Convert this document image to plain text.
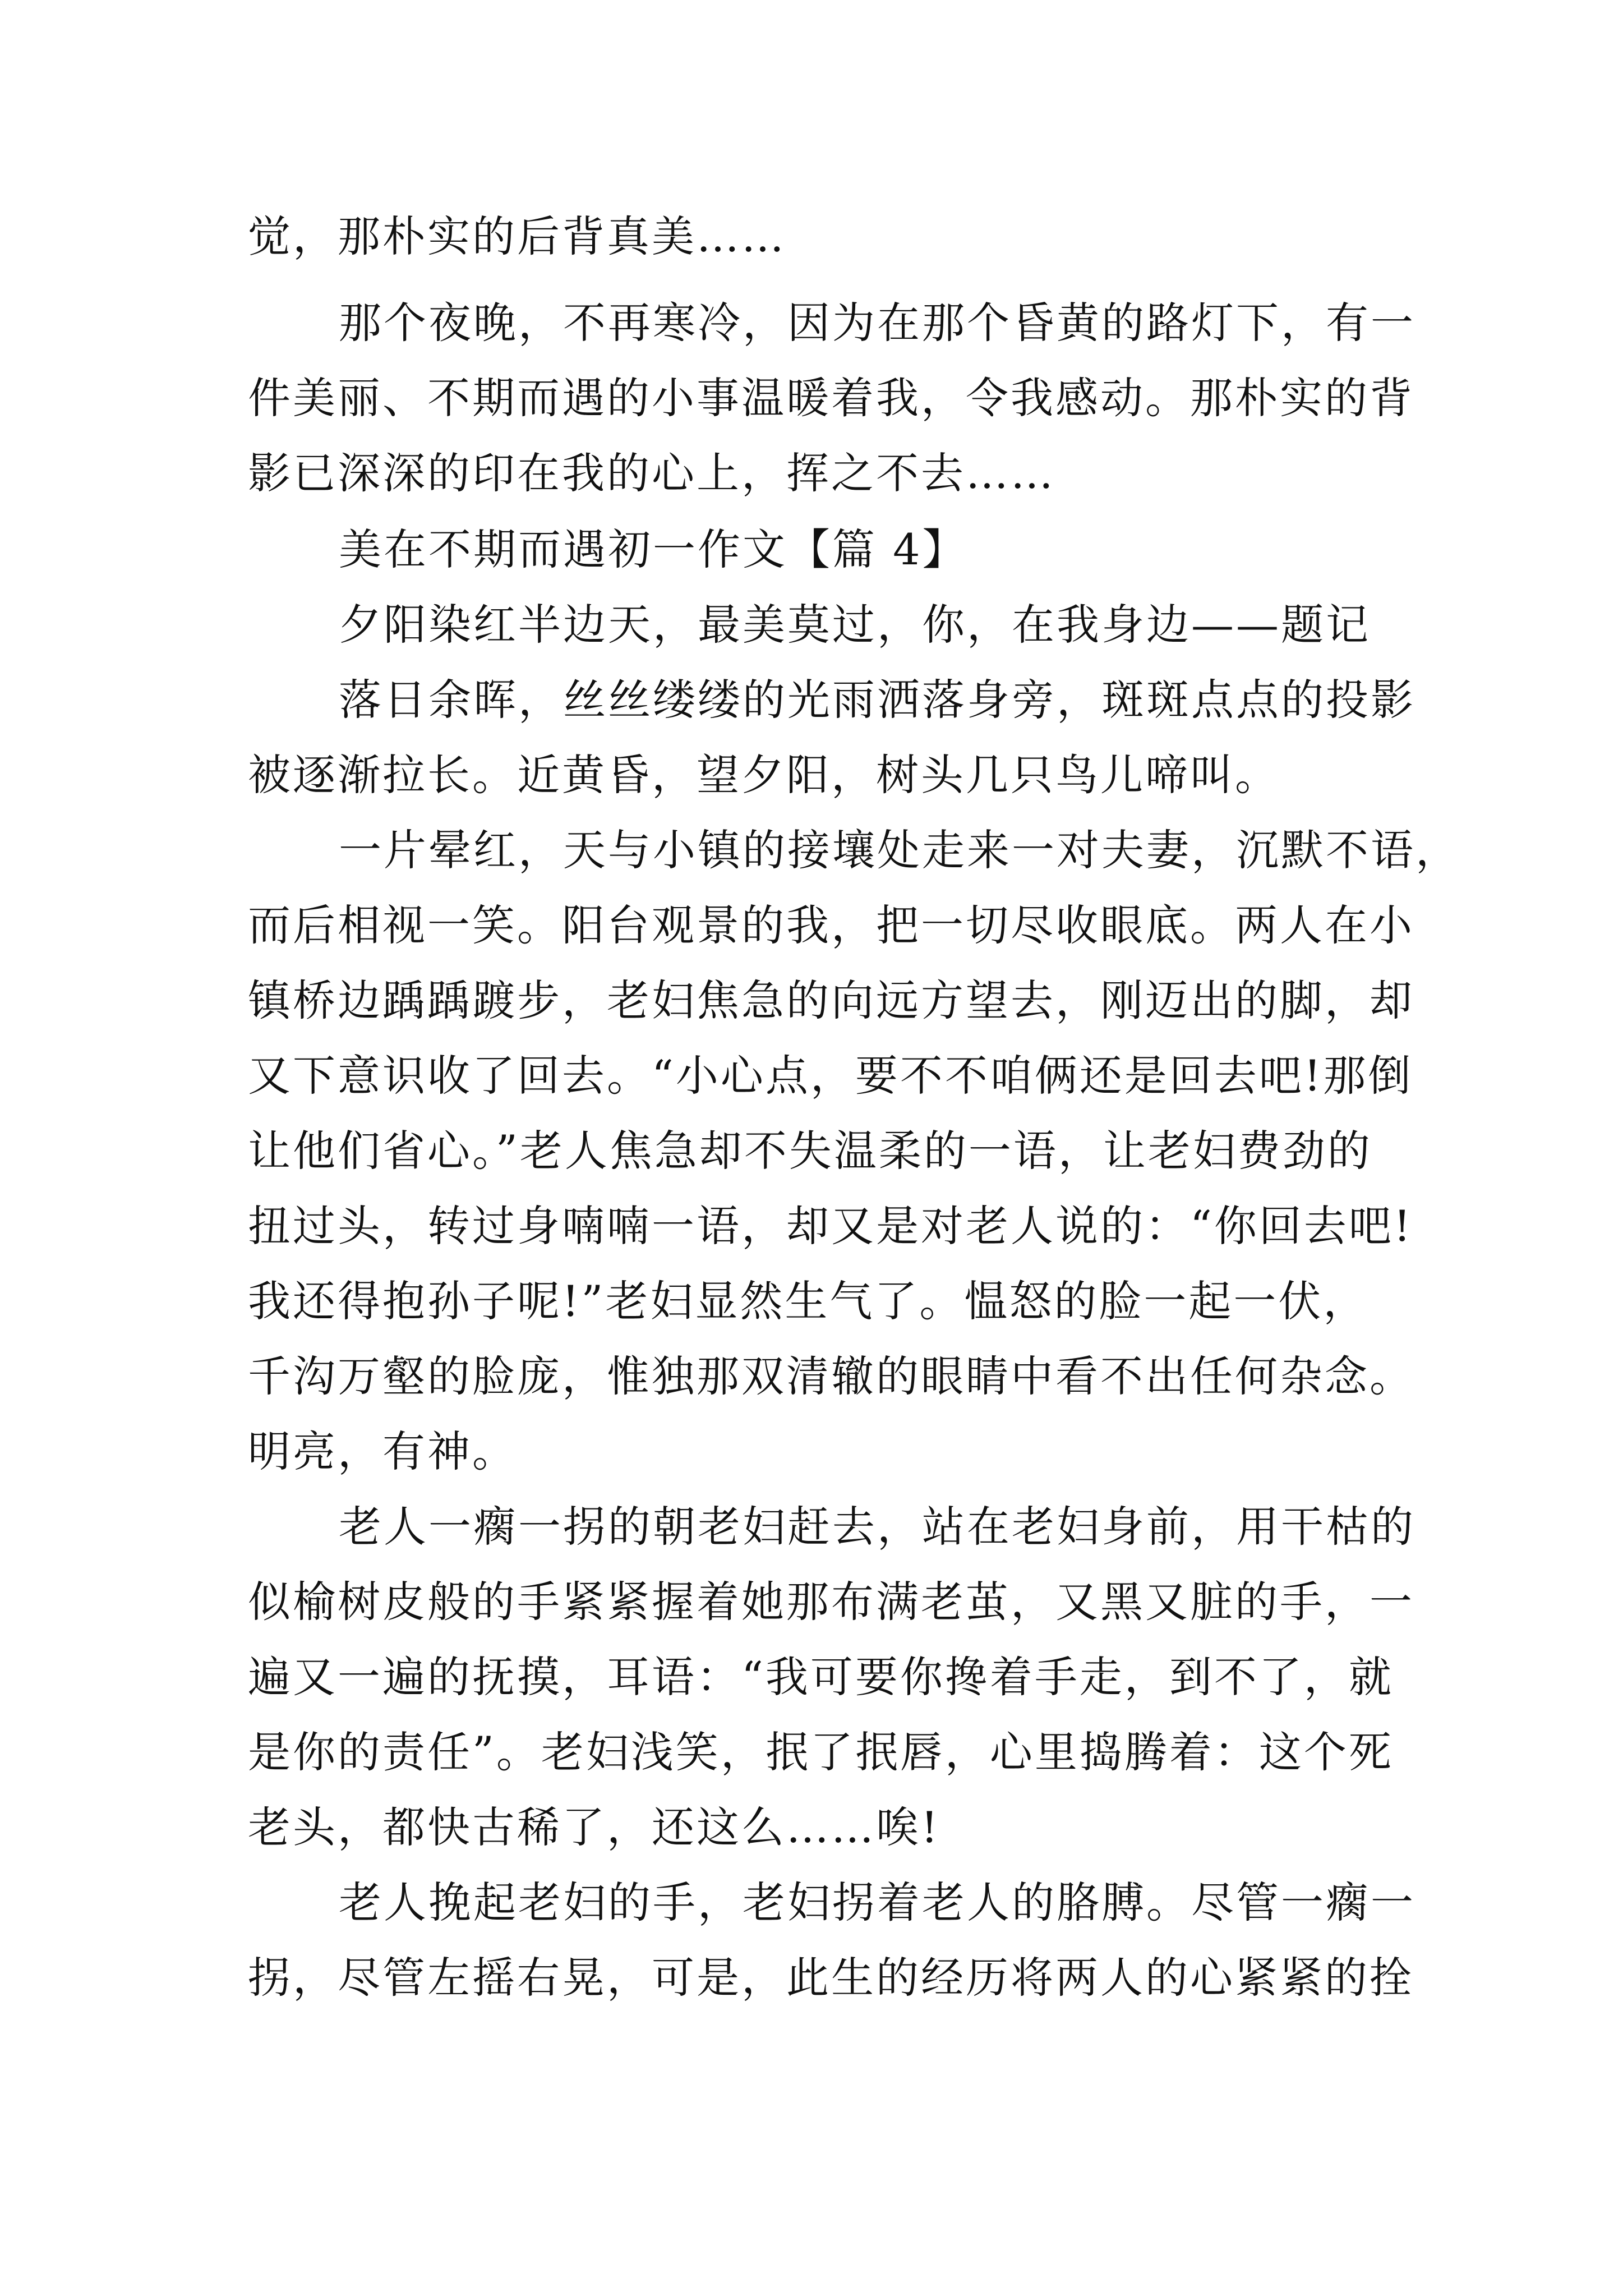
觉，那朴实的后背真美……
那个夜晚，不再寒冷，因为在那个昏黄的路灯下，有一
件美丽、不期而遇的小事温暖着我，令我感动。那朴实的背
影已深深的印在我的心上，挥之不去……
美在不期而遇初一作文【篇 4】
夕阳染红半边天，最美莫过，你，在我身边——题记
落日余晖，丝丝缕缕的光雨洒落身旁，斑斑点点的投影
被逐渐拉长。近黄昏，望夕阳，树头几只鸟儿啼叫。
一片晕红，天与小镇的接壤处走来一对夫妻，沉默不语，
而后相视一笑。阳台观景的我，把一切尽收眼底。两人在小
镇桥边踽踽踱步，老妇焦急的向远方望去，刚迈出的脚，却
又下意识收了回去。“小心点，要不不咱俩还是回去吧!那倒
让他们省心。”老人焦急却不失温柔的一语，让老妇费劲的
扭过头，转过身喃喃一语，却又是对老人说的：“你回去吧!
我还得抱孙子呢!”老妇显然生气了。愠怒的脸一起一伏，
千沟万壑的脸庞，惟独那双清辙的眼睛中看不出任何杂念。
明亮，有神。
老人一瘸一拐的朝老妇赶去，站在老妇身前，用干枯的
似榆树皮般的手紧紧握着她那布满老茧，又黑又脏的手，一
遍又一遍的抚摸，耳语：“我可要你搀着手走，到不了，就
是你的责任”。老妇浅笑，抿了抿唇，心里捣腾着：这个死
老头，都快古稀了，还这么……唉!
老人挽起老妇的手，老妇拐着老人的胳膊。尽管一瘸一
拐，尽管左摇右晃，可是，此生的经历将两人的心紧紧的拴
